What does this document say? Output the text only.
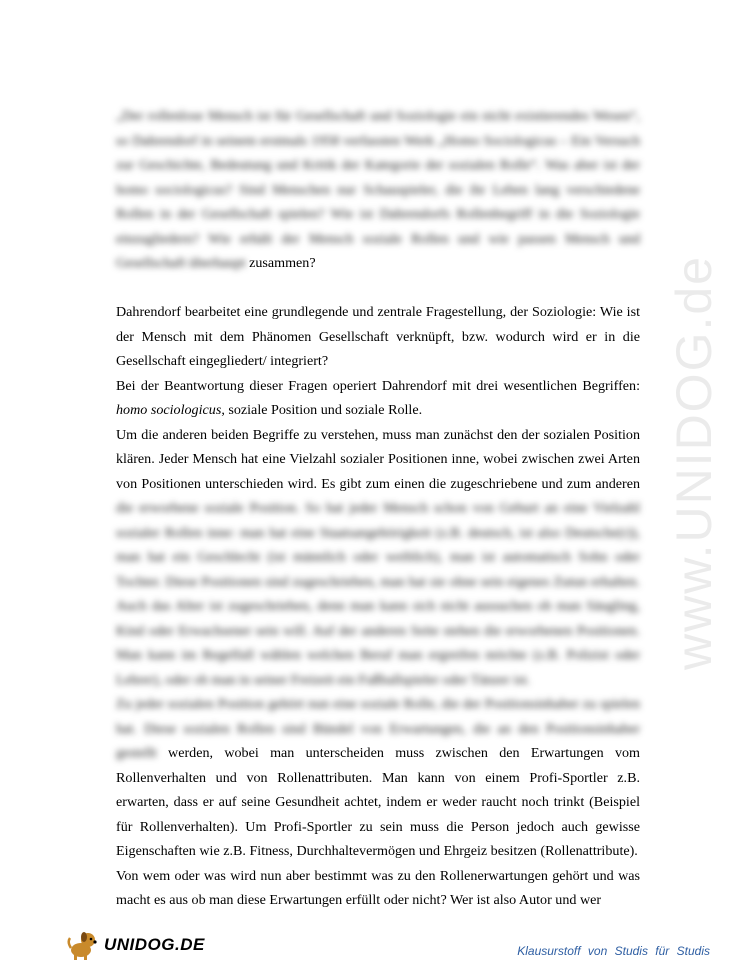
www.UNIDOG.de

„Der rollenlose Mensch ist für Gesellschaft und Soziologie ein nicht existierendes Wesen“, so Dahrendorf in seinem erstmals 1958 verfassten Werk „Homo Sociologicus – Ein Versuch zur Geschichte, Bedeutung und Kritik der Kategorie der sozialen Rolle“. Was aber ist der homo sociologicus? Sind Menschen nur Schauspieler, die ihr Leben lang verschiedene Rollen in der Gesellschaft spielen? Wie ist Dahrendorfs Rollenbegriff in die Soziologie einzugliedern? Wie erhält der Mensch soziale Rollen und wie passen Mensch und Gesellschaft überhaupt zusammen?

Dahrendorf bearbeitet eine grundlegende und zentrale Fragestellung, der Soziologie: Wie ist der Mensch mit dem Phänomen Gesellschaft verknüpft, bzw. wodurch wird er in die Gesellschaft eingegliedert/ integriert?

Bei der Beantwortung dieser Fragen operiert Dahrendorf mit drei wesentlichen Begriffen: homo sociologicus, soziale Position und soziale Rolle.

Um die anderen beiden Begriffe zu verstehen, muss man zunächst den der sozialen Position klären. Jeder Mensch hat eine Vielzahl sozialer Positionen inne, wobei zwischen zwei Arten von Positionen unterschieden wird. Es gibt zum einen die zugeschriebene und zum anderen die erworbene soziale Position. So hat jeder Mensch schon von Geburt an eine Vielzahl sozialer Rollen inne: man hat eine Staatsangehörigkeit (z.B. deutsch, ist also Deutsche(r)), man hat ein Geschlecht (ist männlich oder weiblich), man ist automatisch Sohn oder Tochter. Diese Positionen sind zugeschrieben, man hat sie ohne sein eigenes Zutun erhalten. Auch das Alter ist zugeschrieben, denn man kann sich nicht aussuchen ob man Säugling, Kind oder Erwachsener sein will. Auf der anderen Seite stehen die erworbenen Positionen. Man kann im Regelfall wählen welchen Beruf man ergreifen möchte (z.B. Polizist oder Lehrer), oder ob man in seiner Freizeit ein Fußballspieler oder Tänzer ist.

Zu jeder sozialen Position gehört nun eine soziale Rolle, die der Positionsinhaber zu spielen hat. Diese sozialen Rollen sind Bündel von Erwartungen, die an den Positionsinhaber gestellt werden, wobei man unterscheiden muss zwischen den Erwartungen vom Rollenverhalten und von Rollenattributen. Man kann von einem Profi-Sportler z.B. erwarten, dass er auf seine Gesundheit achtet, indem er weder raucht noch trinkt (Beispiel für Rollenverhalten). Um Profi-Sportler zu sein muss die Person jedoch auch gewisse Eigenschaften wie z.B. Fitness, Durchhaltevermögen und Ehrgeiz besitzen (Rollenattribute).

Von wem oder was wird nun aber bestimmt was zu den Rollenerwartungen gehört und was macht es aus ob man diese Erwartungen erfüllt oder nicht? Wer ist also Autor und wer

UNIDOG.DE	Klausurstoff von Studis für Studis
